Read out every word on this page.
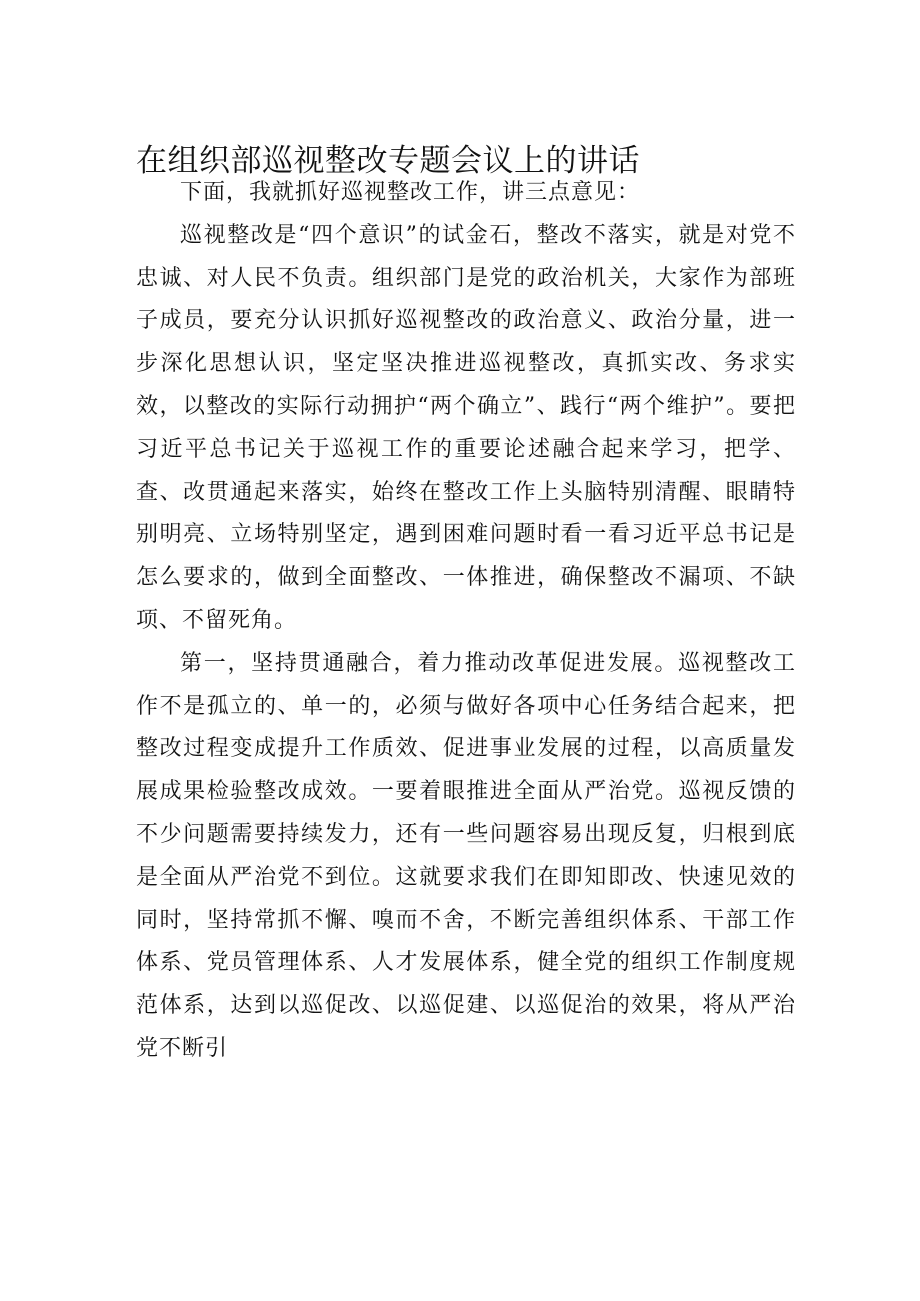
在组织部巡视整改专题会议上的讲话

下面，我就抓好巡视整改工作，讲三点意见：

巡视整改是“四个意识”的试金石，整改不落实，就是对党不忠诚、对人民不负责。组织部门是党的政治机关，大家作为部班子成员，要充分认识抓好巡视整改的政治意义、政治分量，进一步深化思想认识，坚定坚决推进巡视整改，真抓实改、务求实效，以整改的实际行动拥护“两个确立”、践行“两个维护”。要把习近平总书记关于巡视工作的重要论述融合起来学习，把学、查、改贯通起来落实，始终在整改工作上头脑特别清醒、眼睛特别明亮、立场特别坚定，遇到困难问题时看一看习近平总书记是怎么要求的，做到全面整改、一体推进，确保整改不漏项、不缺项、不留死角。

第一，坚持贯通融合，着力推动改革促进发展。巡视整改工作不是孤立的、单一的，必须与做好各项中心任务结合起来，把整改过程变成提升工作质效、促进事业发展的过程，以高质量发展成果检验整改成效。一要着眼推进全面从严治党。巡视反馈的不少问题需要持续发力，还有一些问题容易出现反复，归根到底是全面从严治党不到位。这就要求我们在即知即改、快速见效的同时，坚持常抓不懈、嗅而不舍，不断完善组织体系、干部工作体系、党员管理体系、人才发展体系，健全党的组织工作制度规范体系，达到以巡促改、以巡促建、以巡促治的效果，将从严治党不断引
